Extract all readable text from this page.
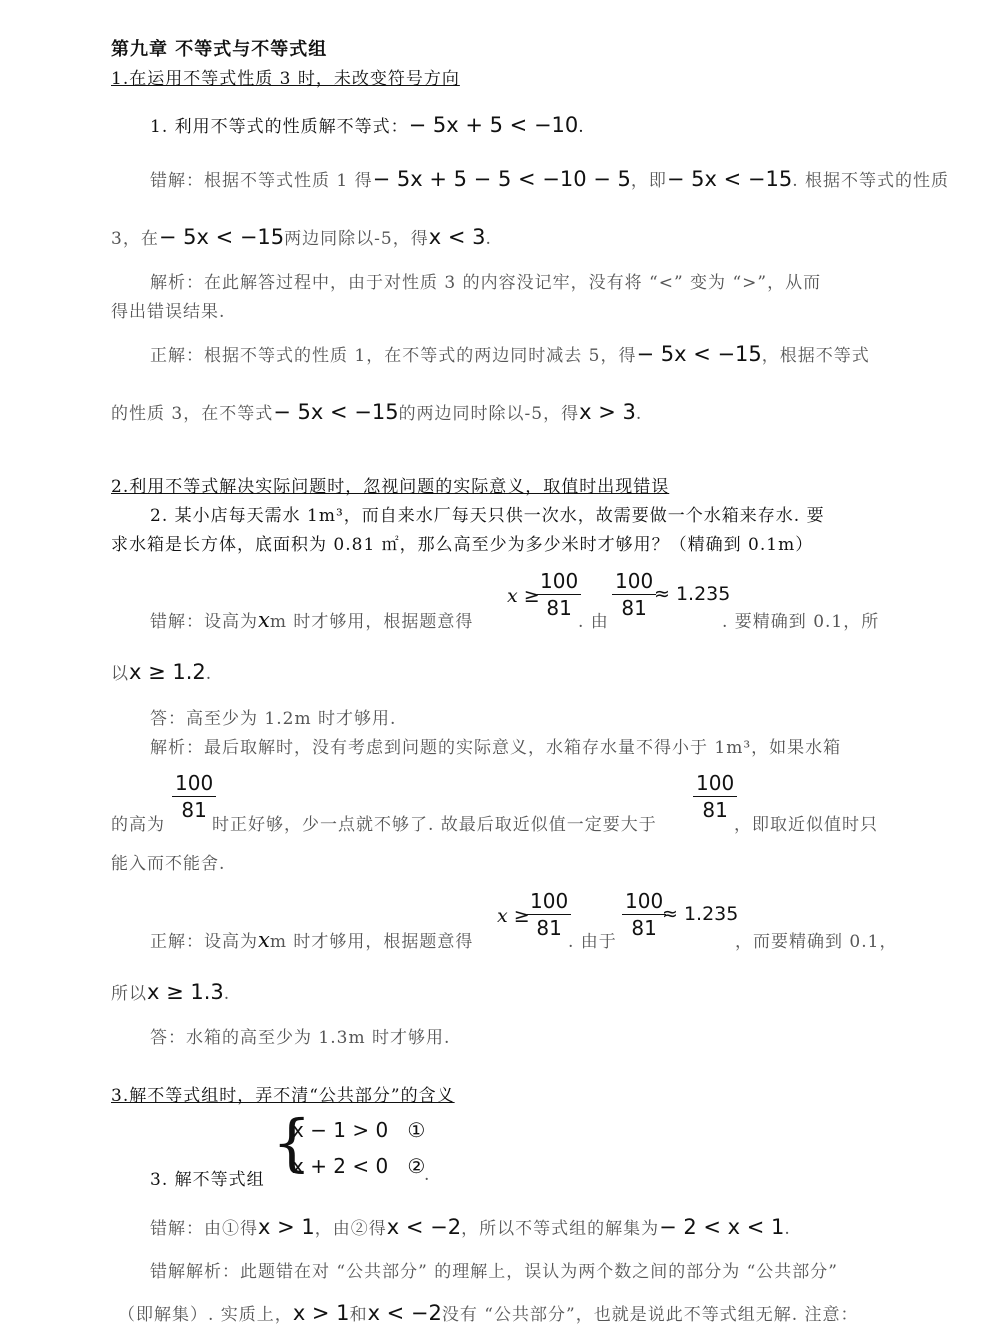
第九章 不等式与不等式组
1.在运用不等式性质 3 时，未改变符号方向
1. 利用不等式的性质解不等式：− 5x + 5 < −10.
错解：根据不等式性质 1 得− 5x + 5 − 5 < −10 − 5，即− 5x < −15. 根据不等式的性质
3，在− 5x < −15两边同除以-5，得x < 3.
解析：在此解答过程中，由于对性质 3 的内容没记牢，没有将 “<” 变为 “>”，从而
得出错误结果.
正解：根据不等式的性质 1，在不等式的两边同时减去 5，得− 5x < −15，根据不等式
的性质 3，在不等式− 5x < −15的两边同时除以-5，得x > 3.
2.利用不等式解决实际问题时，忽视问题的实际意义，取值时出现错误
2. 某小店每天需水 1m³，而自来水厂每天只供一次水，故需要做一个水箱来存水. 要
求水箱是长方体，底面积为 0.81 ㎡，那么高至少为多少米时才够用？（精确到 0.1m）
错解：设高为xm 时才够用，根据题意得
x ≥
$\frac{100}{81}$
. 由
$\frac{100}{81}$
≈ 1.235
. 要精确到 0.1，所
以x ≥ 1.2.
答：高至少为 1.2m 时才够用.
解析：最后取解时，没有考虑到问题的实际意义，水箱存水量不得小于 1m³，如果水箱
$\frac{100}{81}$	$\frac{100}{81}$
的高为	时正好够，少一点就不够了. 故最后取近似值一定要大于	，即取近似值时只
能入而不能舍.
正解：设高为xm 时才够用，根据题意得
x ≥
$\frac{100}{81}$
. 由于
$\frac{100}{81}$
≈ 1.235
，而要精确到 0.1，
所以x ≥ 1.3.
答：水箱的高至少为 1.3m 时才够用.
3.解不等式组时，弄不清“公共部分”的含义
3. 解不等式组
{
x − 1 > 0 ①
x + 2 < 0 ②
.
错解：由①得x > 1，由②得x < −2，所以不等式组的解集为− 2 < x < 1.
错解解析：此题错在对 “公共部分” 的理解上，误认为两个数之间的部分为 “公共部分”
（即解集）. 实质上，x > 1和x < −2没有 “公共部分”，也就是说此不等式组无解. 注意：
